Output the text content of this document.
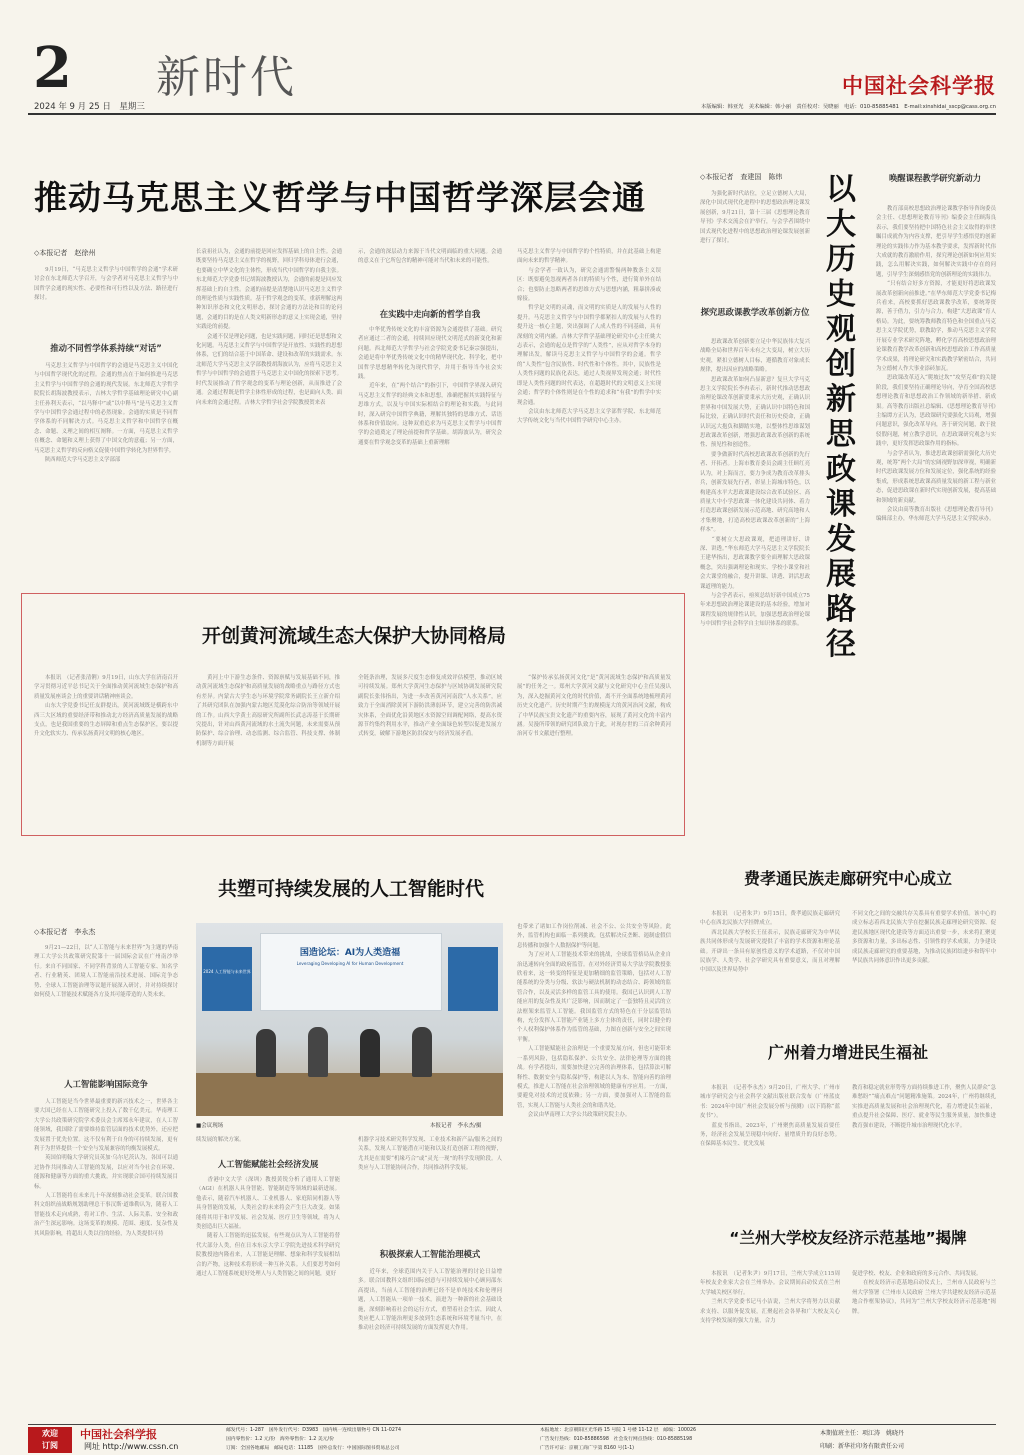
2
2024 年 9 月 25 日　星期三
新时代	中国社会科学报
本版编辑：韩亚光　美术编辑：韩小丽　责任校对：吴晓丽　电话：010-85885481　E-mail:xinshidai_sscp@cass.org.cn
推动马克思主义哲学与中国哲学深层会通
◇本报记者　赵徐州
　　9月19日，“马克思主义哲学与中国哲学的会通”学术研讨会在东北师范大学召开，与会学者对马克思主义哲学与中国哲学会通的现实性、必要性和可行性以及方法、路径进行探讨。
推动不同哲学体系持续“对话”
　　马克思主义哲学与中国哲学的会通是马克思主义中国化与中国哲学现代化的过程。会通的焦点在于如何推进马克思主义哲学与中国哲学的会通的现代发展。东北师范大学哲学院院长胡海波教授表示，吉林大学哲学基础理论研究中心副主任孙利天表示，“以马释中”或“以中释马”是马克思主义哲学与中国哲学会通过程中的必然现象。会通的实质是不同哲学体系的不同解决方式。马克思主义哲学和中国哲学在概念、命题、义理之间的相互阐释。一方面，马克思主义哲学在概念、命题和义理上获得了中国文化的意蕴；另一方面，马克思主义哲学的反向格义促使中国哲学转化为世界哲学。
　　陕西师范大学马克思主义学部部
长袁祖社认为，会通的前提是回应发挥基础上的自主性。会通既要坚持马克思主义在哲学的视野，回归学科母体进行会通，也要确立中华文化的主体性，形成当代中国哲学的自我主张。东北师范大学党委书记胡海波教授认为，会通的前提是回应发挥基础上的自主性。会通的前提是清楚地认识马克思主义哲学的理论性质与实践性质。基于哲学观念的变革，重新理解这两种知识形态和文化文明形态，探讨会通的方法论和目的论问题，会通的目的是在人类文明新形态的意义上实现会通，坚持实践论的前提。
　　会通不仅是理论问题，也是实践问题，同时还是思想和文化问题。马克思主义哲学与中国哲学是开放性、实践性的思想体系，它们的结合基于中国革命、建设和改革的实践需求。东北师范大学马克思主义学部教授胡海波认为，应将马克思主义哲学与中国哲学的会通置于马克思主义中国化的探索下思考。时代发展推动了哲学观念的变革与理论创新，从而推进了会通。会通过程既是哲学主体性形成的过程，也是面向人类、面向未来的会通过程。吉林大学哲学社会学院教授贺来表
示，会通的深层动力来源于当代文明面临的重大问题。会通的意义在于它所包含的精神可能对当代和未来的可能性。
在实践中走向新的哲学自我
　　中华优秀传统文化的丰富资源为会通提供了基础。研究者应通过二者的会通，持续回应现代文明范式的新变化和新问题。西北师范大学哲学与社会学院党委书记秦宗强提出，会通是将中华优秀传统文化中的精华现代化、科学化，把中国哲学思想精华转化为现代哲学，并用于指导当今社会实践。
　　近年来，在“两个结合”的指引下，中国哲学界深入研究马克思主义哲学的经典文本和思想，准确把握其实践特征与思维方式，以及与中国实际相结合的理论和实践。与此同时，深入研究中国哲学典籍，理解其独特的思维方式、话语体系和价值取向。这种双重追求为马克思主义哲学与中国哲学的会通奠定了理论前提和哲学基础。胡海波认为，研究会通要在哲学观念变革的基础上重新理解
马克思主义哲学与中国哲学的个性特质，并在此基础上构建面向未来的哲学精神。
　　与会学者一致认为，研究会通需警惕两种教条主义误区：既要避免忽视两者各自的特质与个性，进行简单外在结合；也要防止忽略两者的思维方式与思想内涵，粗暴拼凑或嫁接。
　　哲学是文明的灵魂，而文明的实质是人的发展与人性的提升。马克思主义哲学与中国哲学都紧扣人的发展与人性的提升这一核心主题，突出强调了人成人性的不同基础，具有深刻的文明内涵。吉林大学哲学基础理论研究中心主任姚大志表示，会通的起点是哲学的“人类性”，应从对哲学本身的理解出发，解读马克思主义哲学与中国哲学的会通。哲学的“人类性”包含民族性、时代性和个体性。其中，民族性是人类性问题的民族化表达，通过人类视界发现会通；时代性即是人类性问题的时代表达，在超越时代的文明意义上实现会通；哲学的个体性则是在个性的追求和“有我”的哲学中实现会通。
　　会议由东北师范大学马克思主义学部哲学院、东北师范大学传统文化与当代中国哲学研究中心主办。
◇本报记者　查建国　陈炜
　　为强化新时代站位，立足立德树人大局，深化中国式现代化进程中的思想政治理论课发展创新，9月21日，第十三届《思想理论教育导刊》学术交流会在沪举行，与会学者围绕中国式现代化进程中的思想政治理论课发展创新进行了探讨。
探究思政课教学改革创新方位
　　思政课改革创新要立足中华民族伟大复兴战略全局和世界百年未有之大变局，树立大历史观，紧扣立德树人目标，遵循教育对象成长规律，提出因应的战略策略。
　　思政课改革如何凸显新意？复旦大学马克思主义学院院长李冉表示，新时代推动思想政治理论课改革创新要秉承大历史观，正确认识世界和中国发展大势，正确认识中国特色和国际比较，正确认识时代责任和历史使命，正确认识远大抱负和脚踏实地，以整体性思维谋划思政课改革创新，增强思政课改革创新的系统性、预见性和创造性。
　　要争做新时代高校思政课改革创新的先行者、开拓者。上海市教育委员会副主任顾红亮认为，对上海而言，要力争成为教育改革排头兵，创新发展先行者，彰显上海城市特色，以构建高水平大思政课建设综合改革试验区、高质量大中小学思政课一体化建设共同体、着力打造思政课创新发展示范高地、研究高地和人才集聚地，打造高校思政课改革创新的“上海样本”。
　　“要树立大思政课观，把道理讲好、讲深、讲透。”华东师范大学马克思主义学院院长王建华指出，思政课教学要全面理解大思政课概念，突出强调理论和现实、学校小课堂和社会大课堂的融合，提升讲课、讲透、讲活思政课道理的能力。
　　与会学者表示，亟须总结好新中国成立75年来思想政治理论课建设的基本经验，增加对课程发展的规律性认识，加强思想政治理论课与中国哲学社会科学自主知识体系的联系。
以大历史观创新思政课发展路径
唤醒课程教学研究新动力
　　教育部高校思想政治理论课教学指导咨询委员会主任、《思想理论教育导刊》编委会主任顾海良表示，我们要坚持把中国特色社会主义取得的举世瞩目成就作为内容支撑，把引导学生感悟党的创新理论的实践伟力作为基本教学要求，发挥新时代伟大成就的教育激励作用，探究理论创新如何应用实践，怎么用解决实践，如何解决实践中存在的问题，引导学生深刻感悟党的创新理论的实践伟力。
　　“只有结合好多方资源，才能更好将思政课发展改革创新向前推进。”在华东师范大学党委书记梅兵看来，高校要抓好思政课教学改革，要统筹资源，善于借力，引力与合力，构建“大思政课”育人格局。为此，要统筹教师教育特色和全国重点马克思主义学院优势，联教助学，推动马克思主义学院开展专业学术研究阵地，孵化学育高校思想政治理论课教育教学改革创新和高校思想政治工作高质量学术成果，将理论研究和实践教学紧密结合，共同为立德树人作大事业添砖加瓦。
　　思政课改革迈入“爬坡过坎”“攻坚克难”的关键阶段，我们要坚持正确理论导向，孕育全国高校思想理论教育和思想政治工作领域的新举措、新成果。高等教育出版社总编辑、《思想理论教育导刊》主编谭方正认为，思政课研究要强化大局观，增强问题意识，强化改革导向，善于研究问题，敢于批驳假问题，树立教学意识，在思政课研究观念与实践中，更好发挥思政课作用的指标。
　　与会学者认为，推进思政课创新需强化大历史观，统筹“两个大局”的宏阔视野加深审视，明确新时代思政课发展方位和发展定位，强化系统的经验集成，形成系统思政课高质量发展的新工程与新业态，促进思政课在新时代实现创新发展，提高基础和领域的新贡献。
　　会议由高等教育出版社《思想理论教育导刊》编辑部主办，华东师范大学马克思主义学院承办。
开创黄河流域生态大保护大协同格局
　　本报讯　（记者张清俐）9月19日，山东大学在济南召开学习贯彻习近平总书记关于全面推动黄河流域生态保护和高质量发展座谈会上的重要讲话精神座谈会。
　　山东大学党委书记任友群提出，黄河流域既是横跨东中西三大区域的重要经济带和推动北方经济高质量发展的战略支点，也是我国重要的生态屏障和重点生态保护区，要以提升文化软实力、传承弘扬黄河文明的核心地区。
　　黄河上中下游生态条件、资源禀赋与发展基础不同，推动黄河流域生态保护和高质量发展的战略重点与路径方式也有差异。内蒙古大学生态与环境学院常务副院长王立新介绍了其研究团队在加强内蒙古地区荒漠化综合防治等领域开展的工作。山西大学黄土高原研究所副所长武志涛基于长期研究提出，针对山西黄河流域的水土流失问题，未来需要从预防保护、综合治理、动态监测、综合监管、科技支撑、体制机制等方面开展
全链条治理，发展多尺度生态修复成效评估模型，推动区域可持续发展。郑州大学黄河生态保护与区域协调发展研究院副院长张伟指出，为进一步改善黄河河南段“人水关系”，应致力于全面消除黄河下游防洪薄弱环节，建立完善的防洪减灾体系，全面优化沿黄地区水资源空间调配网络，提高水资源节约集约利用水平，推动产业全面绿色转型以促进发展方式转变，破解下游地区防洪保安与经济发展矛盾。
　　“保护传承弘扬黄河文化”是“黄河流域生态保护和高质量发展”的任务之一。郑州大学黄河文献与文化研究中心主任吴漫认为，深入挖掘黄河文化的时代价值，离不开全面系统地梳理黄河历史文化遗产。历史时期产生的规模庞大的黄河治河文献，构成了中华民族宝贵文化遗产的重要内容，展现了黄河文化的丰富内涵。吴漫所带领的研究团队致力于此，对现存世的三百余种黄河治河专书文献进行整理。
共塑可持续发展的人工智能时代
◇本报记者　李永杰
　　9月21—22日，以“人工智能与未来世界”为主题的华南理工大学公共政策研究院第十一届国际会议在广州南沙举行。来自不同国家、不同学科背景的人工智能专家、知名学者、行业精英、团境人工智能前沿技术进展、国际竞争态势、全球人工智能治理等议题开展深入研讨，并对持续探讨如何使人工智能技术赋能各方及其可能带造的人类未来。
人工智能影响国际竞争
　　人工智能是当今世界最重要的新兴技术之一，世界各主要大国已经在人工智能研究上投入了数千亿美元。华南理工大学公共政策研究院学术委员会主席郑永年建议，在人工智能领域，我国除了需要维持监管层面的技术优势外，还应把发展置于优先位置。这不仅有利于自身的可持续发展，更有利于为世界提供一个安全与发展兼容的均衡发展模式。
　　英国伯明翰大学研究员英加·乌尔尼茨认为，各国可以通过协作共同推动人工智能的发展，以应对当今社会在环境、能源和健康等方面的重大挑战，并实现联合国可持续发展目标。
　　人工智能将在未来几十年深刻推动社会变革。联合国教科文组织前战略规划助理总干事汉斯·道维勒认为，随着人工智能技术走向成熟，将对工作、生活、人际关系、安全和政治产生深远影响。这场变革的规模、范围、速度、复杂性及其风险影响，将超出人类以往的经验，为人类提供可持
2024 人工智能与未来世界
国造论坛：AI为人类造福
Leveraging Developing AI for Human Development
■会议现场	本报记者　李永杰/摄
续发展的解决方案。
人工智能赋能社会经济发展
　　香港中文大学（深圳）教授黄锐分析了通用人工智能（AGI）在机器人具身智能、智能制造等领域的最新进展。他表示，随着汽车机器人、工业机器人、家庭陪同机器人等具身智能的发展，人类社会的未来将会产生巨大改变。如果能将其用于和平发展、社会发展、医疗卫生等领域，将为人类创造出巨大福祉。
　　随着人工智能的迅猛发展，有些观点认为人工智能将替代大部分人类，但在日本东京大学工学院先进技术科学研究院教授池内隆看来，人工智能是理解、想象和科学发展相结合的产物，这种技术将形成一种互补关系。人们要思考如何通过人工智能系统更好处理人与人类智能之间的问题，更好
机器学习技术研究科学发现、工业技术和新产品/服务之间的关系，发现人工智能潜在可能和以及打造创新工程的视野，尤其是在需要“机缘巧合”或“灵光一现”的科学发现阶段。人类应与人工智能协同合作，共同推动科学发展。
积极探索人工智能治理模式
　　近年来，全球范围内关于人工智能治理的讨论日益增多。联合国教科文组织国际创意与可持续发展中心顾问邵东高提出，当前人工智能的治理已经不是单纯技术和伦理问题，人工智能从一项单一技术，演进为一种新的社会基础设施，深刻影响着社会的运行方式，重塑着社会生活，因此人类应把人工智能治理更多放到生态系统和环境考量当中，在推动社会经济可持续发展的方面发挥更大作用。
也带来了诸如工作岗位削减、社会不公、公共安全等风险。此外，监管机构也面临一系列挑战，包括解决反垄断、遏制虚假信息传播和加强个人数据保护等问题。
　　为了应对人工智能技术带来的挑战，全球监管格局从企业自治迅速转向全面的政府监管。在对外经济贸易大学法学院教授张欣看来，这一转变的特征是更加精细的监管策略，包括对人工智能系统的分类与分级、软法与硬法机制的动态结合、跨领域的监管合作，以及灵活多样的监管工具的使用。我国已认识到人工智能应用的复杂性及其广泛影响，因而制定了一套独特且灵活的立法框架来监管人工智能。我国监管方式的特色在于分层监管结构，充分发挥人工智能产业链上多方主体的责任，同时以健全的个人权利保护体系作为监管的基础，力图在创新与安全之间实现平衡。
　　人工智能赋能社会治理是一个重要发展方向，但也可能带来一系列风险，包括隐私保护、公共安全、法律伦理等方面的挑战。有学者提出，需要加快建立完善的治理体系，包括算法可解释性、数据安全与隐私保护等，构建以人为本、智能向善的治理模式，推进人工智能在社会治理领域的健康有序应用。一方面，要避免对技术的过度依赖；另一方面，要加强对人工智能的监管，实现人工智能与人类社会的和谐共处。
　　会议由华南理工大学公共政策研究院主办。
费孝通民族走廊研究中心成立
　　本报讯　（记者朱尹）9月15日，费孝通民族走廊研究中心在西北民族大学挂牌成立。
　　西北民族大学校长王征表示，民族走廊研究为中华民族共同体形成与发展研究提供了丰富的学术资源和理论基础。开辟出一条具有原创性意义的学术道路，不仅对中国民族学、人类学、社会学研究具有重要意义，而且对理解中国以及世界局势中
不同文化之间的交融共存关系具有重要学术价值。该中心的成立标志着西北民族大学在挖掘民族走廊理论研究资源、促进民族地区现代化建设等方面迈出重要一步，未来将汇聚更多资源和力量，多出标志性、引领性的学术成果，力争建设成民族走廊研究的重要基地，为推动民族团结进步和铸牢中华民族共同体意识作出更多贡献。
广州着力增进民生福祉
　　本报讯　（记者李永杰）9月20日，广州大学、广州市城市学研究会与社会科学文献出版社联合发布《广州蓝皮书：2024年中国广州社会发展分析与预测》（以下简称“蓝皮书”）。
　　蓝皮书指出，2023年，广州聚焦高质量发展首要任务，经济社会发展呈现稳中向好、量增质升的良好态势。在保障基本民生、优先发展
教育和稳定就业形势等方面持续推进工作，聚焦人民群众“急难愁盼”“痛点难点”问题精准施策。2024年，广州将继续扎实推进高质量发展和社会治理现代化，着力增进民生福祉，重点提升社会保障、医疗、就业等民生服务质量，加快推进教育强市建设，不断提升城市治理现代化水平。
“兰州大学校友经济示范基地”揭牌
　　本报讯　（记者朱尹）9月17日，兰州大学成立115周年校友企业家大会在兰州举办。会议期间启动仪式在兰州大学城关校区举行。
　　兰州大学党委书记马小洁说，兰州大学将努力以贡献求支持、以服务促发展，汇聚起社会各界和广大校友关心支持学校发展的强大力量，合力
促进学校、校友、企业和政府的多元合作、共同发展。
　　在校友经济示范基地启动仪式上，兰州市人民政府与兰州大学签署《兰州市人民政府 兰州大学共建校友经济示范基地合作框架协议》，共同为“兰州大学校友经济示范基地”揭牌。
欢迎
订阅
中国社会科学报
网址 http://www.cssn.cn
邮发代号：1-287　国外发行代号：D3983　国内统一连续出版物号 CN 11-0274
国内零售价：1.2 元/份　海外零售价：1.2 美元/份
订阅：全国各地邮局　邮局电话：11185　国外总发行：中国国际图书贸易总公司
本报地址：北京朝阳区光华路 15 号院 1 号楼 11-12 层　邮编：100026
广告发行热线：010-85886598　社会发行网点热线：010-85885198
广告许可证：京朝工商广字第 8160 号(1-1)
本期值班主任：项江涛　姚晓丹
印刷：新华社印务有限责任公司
